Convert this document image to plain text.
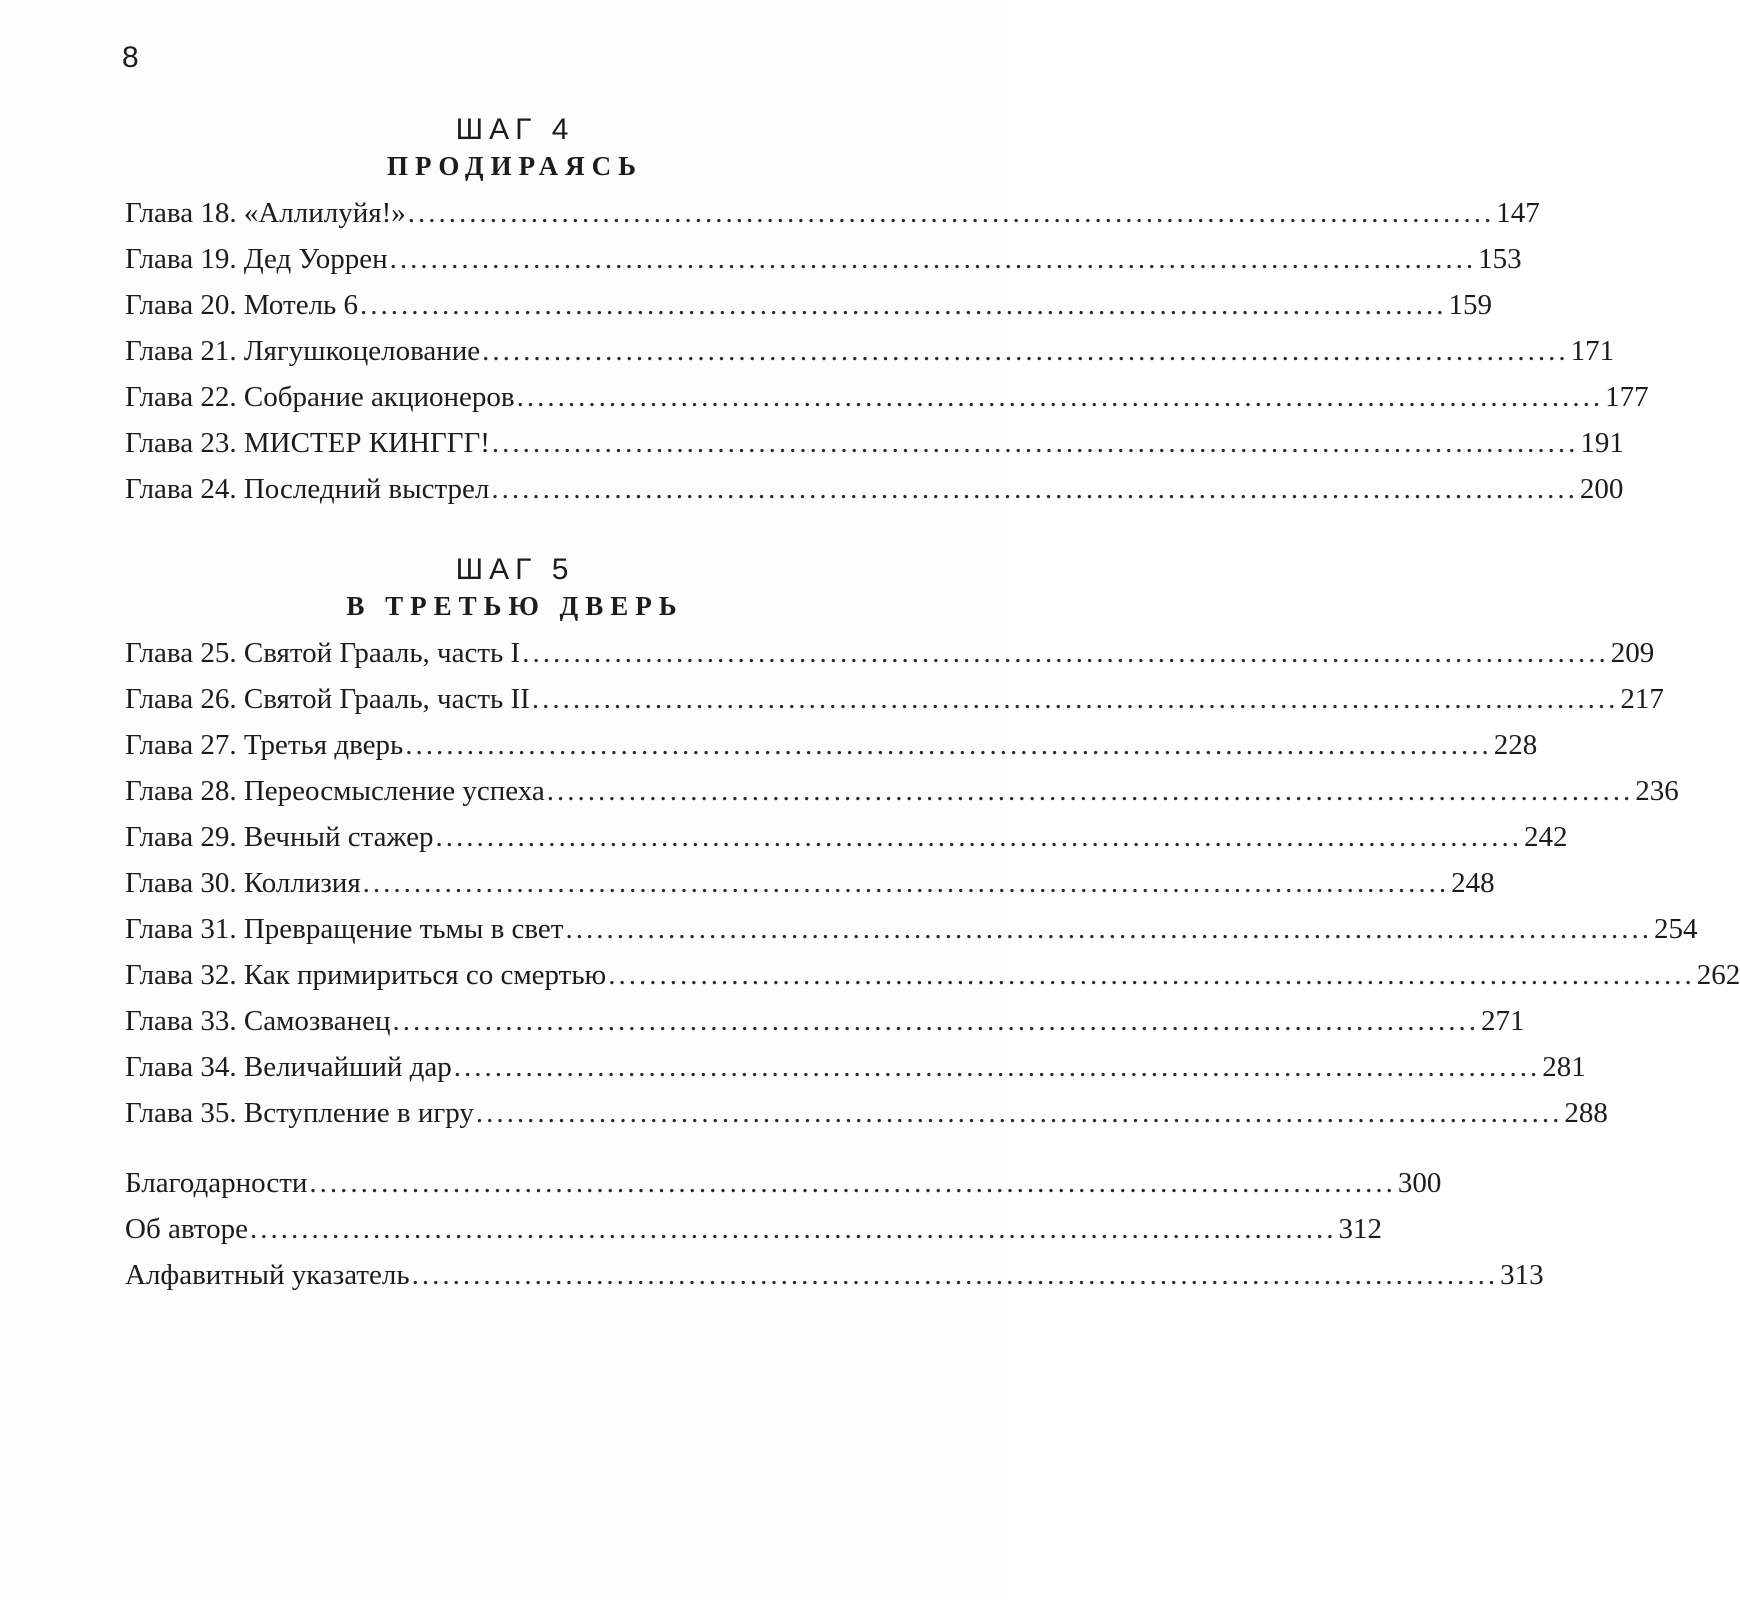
8
ШАГ 4
ПРОДИРАЯСЬ
Глава 18. «Аллилуйя!» .......................................................................................................... 147
Глава 19. Дед Уоррен .......................................................................................................... 153
Глава 20. Мотель 6 .......................................................................................................... 159
Глава 21. Лягушкоцелование .......................................................................................................... 171
Глава 22. Собрание акционеров .......................................................................................................... 177
Глава 23. МИСТЕР КИНГГГ! .......................................................................................................... 191
Глава 24. Последний выстрел .......................................................................................................... 200
ШАГ 5
В ТРЕТЬЮ ДВЕРЬ
Глава 25. Святой Грааль, часть I .......................................................................................................... 209
Глава 26. Святой Грааль, часть II .......................................................................................................... 217
Глава 27. Третья дверь .......................................................................................................... 228
Глава 28. Переосмысление успеха .......................................................................................................... 236
Глава 29. Вечный стажер .......................................................................................................... 242
Глава 30. Коллизия .......................................................................................................... 248
Глава 31. Превращение тьмы в свет .......................................................................................................... 254
Глава 32. Как примириться со смертью .......................................................................................................... 262
Глава 33. Самозванец .......................................................................................................... 271
Глава 34. Величайший дар .......................................................................................................... 281
Глава 35. Вступление в игру .......................................................................................................... 288
Благодарности .......................................................................................................... 300
Об авторе .......................................................................................................... 312
Алфавитный указатель .......................................................................................................... 313
